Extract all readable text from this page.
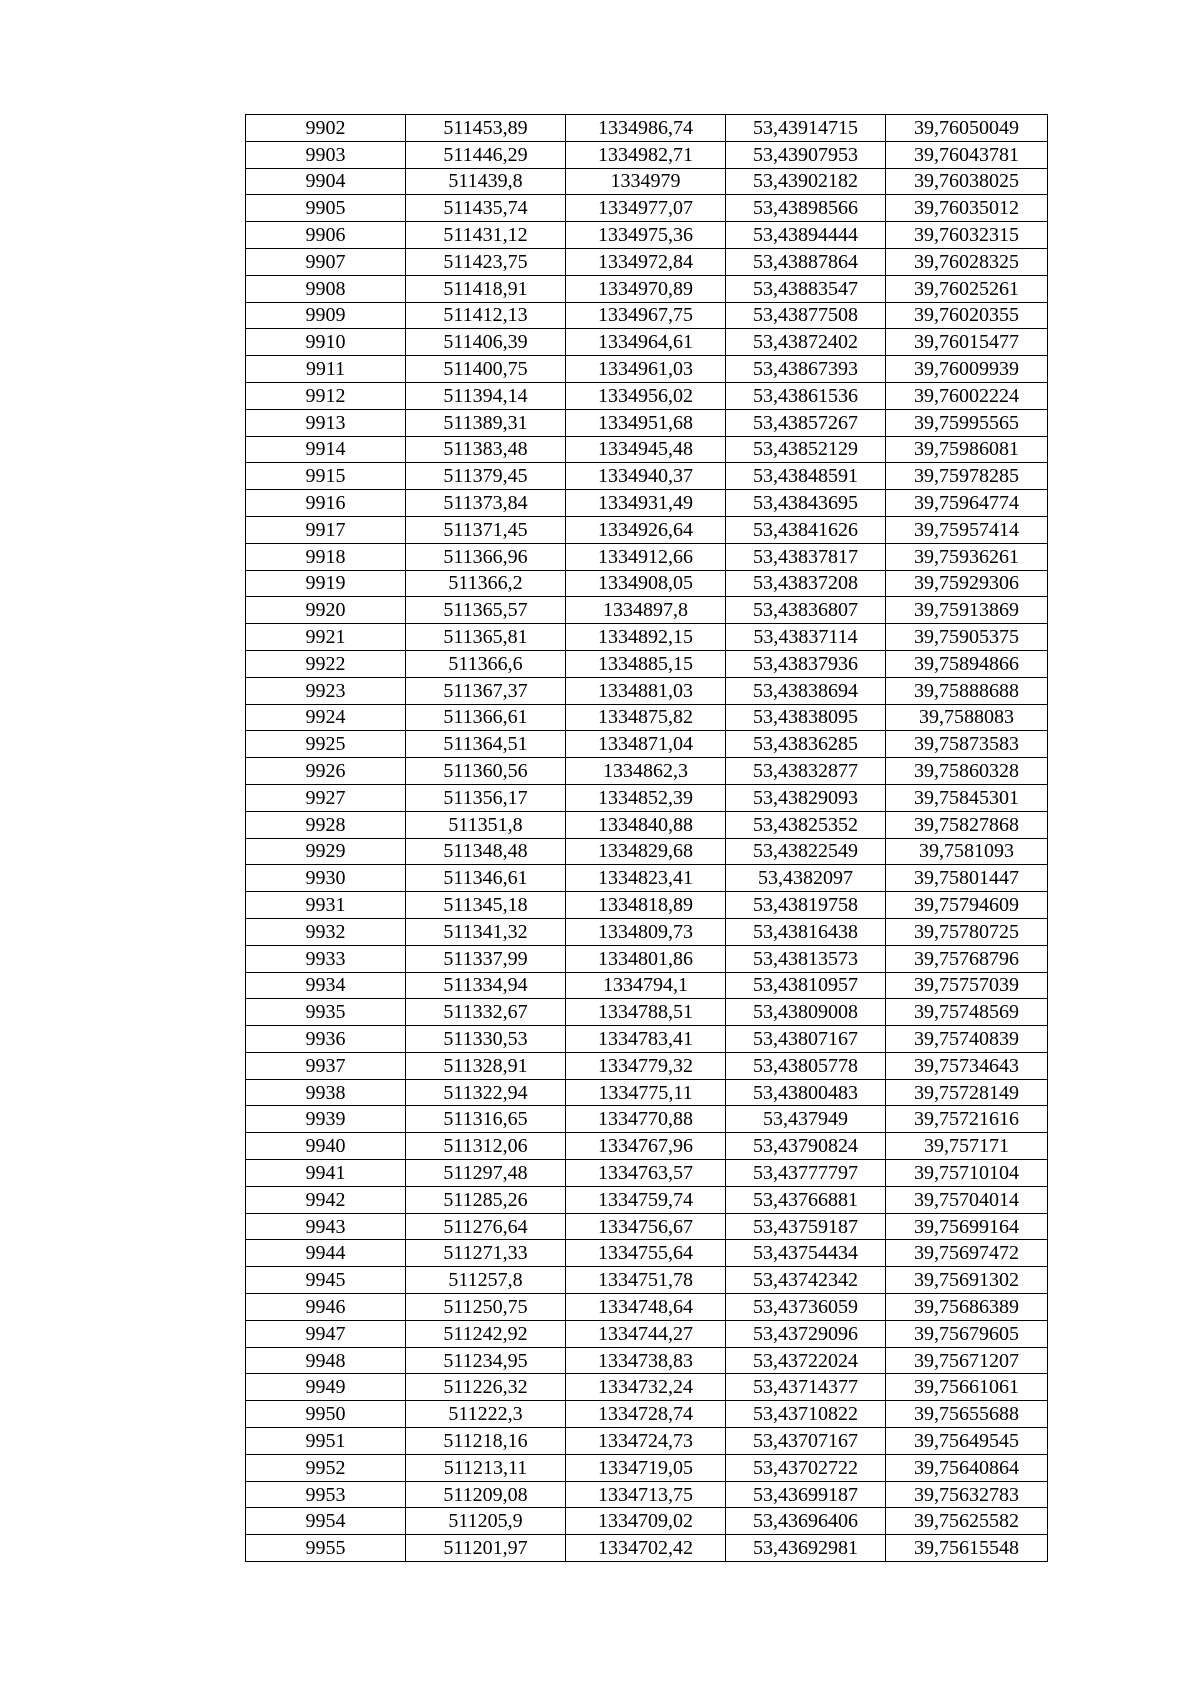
9902	511453,89	1334986,74	53,43914715	39,76050049
9903	511446,29	1334982,71	53,43907953	39,76043781
9904	511439,8	1334979	53,43902182	39,76038025
9905	511435,74	1334977,07	53,43898566	39,76035012
9906	511431,12	1334975,36	53,43894444	39,76032315
9907	511423,75	1334972,84	53,43887864	39,76028325
9908	511418,91	1334970,89	53,43883547	39,76025261
9909	511412,13	1334967,75	53,43877508	39,76020355
9910	511406,39	1334964,61	53,43872402	39,76015477
9911	511400,75	1334961,03	53,43867393	39,76009939
9912	511394,14	1334956,02	53,43861536	39,76002224
9913	511389,31	1334951,68	53,43857267	39,75995565
9914	511383,48	1334945,48	53,43852129	39,75986081
9915	511379,45	1334940,37	53,43848591	39,75978285
9916	511373,84	1334931,49	53,43843695	39,75964774
9917	511371,45	1334926,64	53,43841626	39,75957414
9918	511366,96	1334912,66	53,43837817	39,75936261
9919	511366,2	1334908,05	53,43837208	39,75929306
9920	511365,57	1334897,8	53,43836807	39,75913869
9921	511365,81	1334892,15	53,43837114	39,75905375
9922	511366,6	1334885,15	53,43837936	39,75894866
9923	511367,37	1334881,03	53,43838694	39,75888688
9924	511366,61	1334875,82	53,43838095	39,7588083
9925	511364,51	1334871,04	53,43836285	39,75873583
9926	511360,56	1334862,3	53,43832877	39,75860328
9927	511356,17	1334852,39	53,43829093	39,75845301
9928	511351,8	1334840,88	53,43825352	39,75827868
9929	511348,48	1334829,68	53,43822549	39,7581093
9930	511346,61	1334823,41	53,4382097	39,75801447
9931	511345,18	1334818,89	53,43819758	39,75794609
9932	511341,32	1334809,73	53,43816438	39,75780725
9933	511337,99	1334801,86	53,43813573	39,75768796
9934	511334,94	1334794,1	53,43810957	39,75757039
9935	511332,67	1334788,51	53,43809008	39,75748569
9936	511330,53	1334783,41	53,43807167	39,75740839
9937	511328,91	1334779,32	53,43805778	39,75734643
9938	511322,94	1334775,11	53,43800483	39,75728149
9939	511316,65	1334770,88	53,437949	39,75721616
9940	511312,06	1334767,96	53,43790824	39,757171
9941	511297,48	1334763,57	53,43777797	39,75710104
9942	511285,26	1334759,74	53,43766881	39,75704014
9943	511276,64	1334756,67	53,43759187	39,75699164
9944	511271,33	1334755,64	53,43754434	39,75697472
9945	511257,8	1334751,78	53,43742342	39,75691302
9946	511250,75	1334748,64	53,43736059	39,75686389
9947	511242,92	1334744,27	53,43729096	39,75679605
9948	511234,95	1334738,83	53,43722024	39,75671207
9949	511226,32	1334732,24	53,43714377	39,75661061
9950	511222,3	1334728,74	53,43710822	39,75655688
9951	511218,16	1334724,73	53,43707167	39,75649545
9952	511213,11	1334719,05	53,43702722	39,75640864
9953	511209,08	1334713,75	53,43699187	39,75632783
9954	511205,9	1334709,02	53,43696406	39,75625582
9955	511201,97	1334702,42	53,43692981	39,75615548
